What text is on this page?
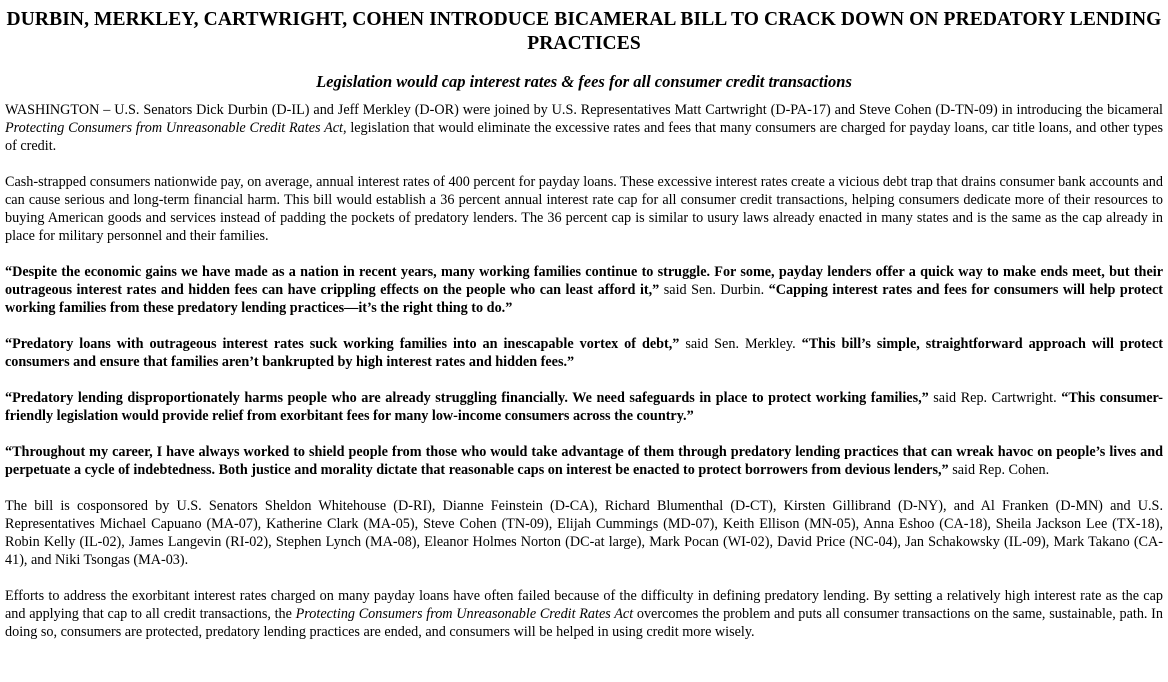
DURBIN, MERKLEY, CARTWRIGHT, COHEN INTRODUCE BICAMERAL BILL TO CRACK DOWN ON PREDATORY LENDING PRACTICES
Legislation would cap interest rates & fees for all consumer credit transactions

WASHINGTON – U.S. Senators Dick Durbin (D-IL) and Jeff Merkley (D-OR) were joined by U.S. Representatives Matt Cartwright (D-PA-17) and Steve Cohen (D-TN-09) in introducing the bicameral Protecting Consumers from Unreasonable Credit Rates Act, legislation that would eliminate the excessive rates and fees that many consumers are charged for payday loans, car title loans, and other types of credit.

Cash-strapped consumers nationwide pay, on average, annual interest rates of 400 percent for payday loans. These excessive interest rates create a vicious debt trap that drains consumer bank accounts and can cause serious and long-term financial harm. This bill would establish a 36 percent annual interest rate cap for all consumer credit transactions, helping consumers dedicate more of their resources to buying American goods and services instead of padding the pockets of predatory lenders. The 36 percent cap is similar to usury laws already enacted in many states and is the same as the cap already in place for military personnel and their families.

“Despite the economic gains we have made as a nation in recent years, many working families continue to struggle. For some, payday lenders offer a quick way to make ends meet, but their outrageous interest rates and hidden fees can have crippling effects on the people who can least afford it,” said Sen. Durbin. “Capping interest rates and fees for consumers will help protect working families from these predatory lending practices—it’s the right thing to do.”

“Predatory loans with outrageous interest rates suck working families into an inescapable vortex of debt,” said Sen. Merkley. “This bill’s simple, straightforward approach will protect consumers and ensure that families aren’t bankrupted by high interest rates and hidden fees.”

“Predatory lending disproportionately harms people who are already struggling financially. We need safeguards in place to protect working families,” said Rep. Cartwright. “This consumer-friendly legislation would provide relief from exorbitant fees for many low-income consumers across the country.”

“Throughout my career, I have always worked to shield people from those who would take advantage of them through predatory lending practices that can wreak havoc on people’s lives and perpetuate a cycle of indebtedness. Both justice and morality dictate that reasonable caps on interest be enacted to protect borrowers from devious lenders,” said Rep. Cohen.

The bill is cosponsored by U.S. Senators Sheldon Whitehouse (D-RI), Dianne Feinstein (D-CA), Richard Blumenthal (D-CT), Kirsten Gillibrand (D-NY), and Al Franken (D-MN) and U.S. Representatives Michael Capuano (MA-07), Katherine Clark (MA-05), Steve Cohen (TN-09), Elijah Cummings (MD-07), Keith Ellison (MN-05), Anna Eshoo (CA-18), Sheila Jackson Lee (TX-18), Robin Kelly (IL-02), James Langevin (RI-02), Stephen Lynch (MA-08), Eleanor Holmes Norton (DC-at large), Mark Pocan (WI-02), David Price (NC-04), Jan Schakowsky (IL-09), Mark Takano (CA-41), and Niki Tsongas (MA-03).

Efforts to address the exorbitant interest rates charged on many payday loans have often failed because of the difficulty in defining predatory lending. By setting a relatively high interest rate as the cap and applying that cap to all credit transactions, the Protecting Consumers from Unreasonable Credit Rates Act overcomes the problem and puts all consumer transactions on the same, sustainable, path. In doing so, consumers are protected, predatory lending practices are ended, and consumers will be helped in using credit more wisely.
